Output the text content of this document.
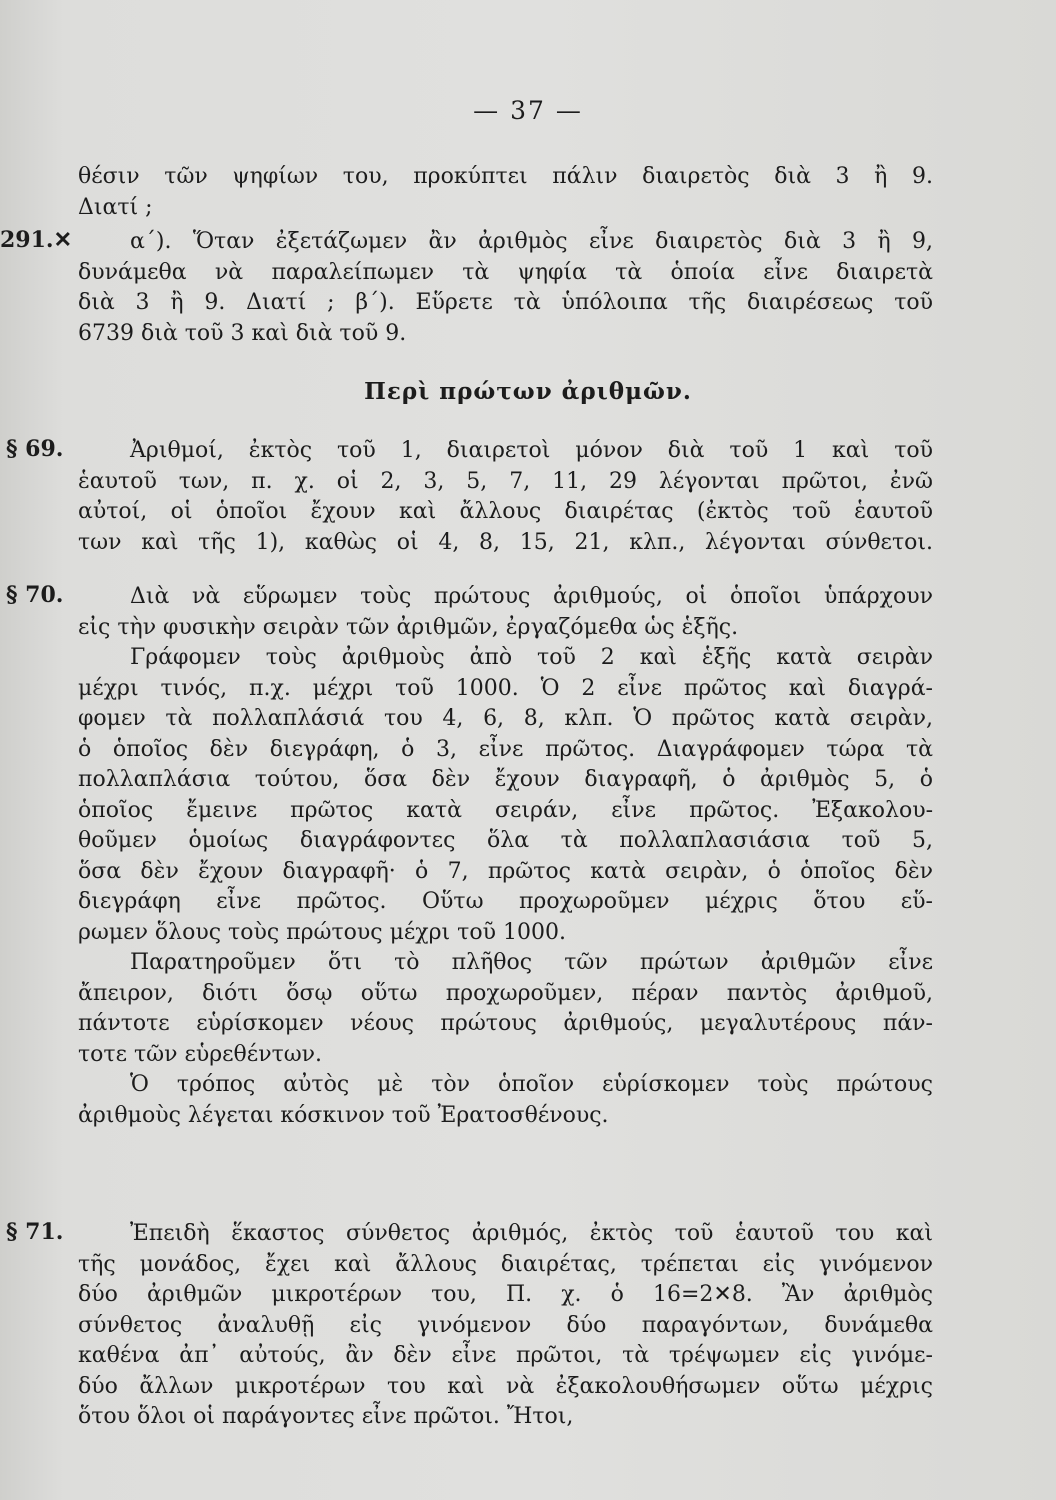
— 37 —
θέσιν τῶν ψηφίων του, προκύπτει πάλιν διαιρετὸς διὰ 3 ἢ 9.
Διατί ;
291.✕	α΄). Ὅταν ἐξετάζωμεν ἂν ἀριθμὸς εἶνε διαιρετὸς διὰ 3 ἢ 9,
δυνάμεθα νὰ παραλείπωμεν τὰ ψηφία τὰ ὁποία εἶνε διαιρετὰ
διὰ 3 ἢ 9. Διατί ; β΄). Εὕρετε τὰ ὑπόλοιπα τῆς διαιρέσεως τοῦ
6739 διὰ τοῦ 3 καὶ διὰ τοῦ 9.
Περὶ πρώτων ἀριθμῶν.
§ 69.	Ἀριθμοί, ἐκτὸς τοῦ 1, διαιρετοὶ μόνον διὰ τοῦ 1 καὶ τοῦ
ἑαυτοῦ των, π. χ. οἱ 2, 3, 5, 7, 11, 29 λέγονται πρῶτοι, ἐνῶ
αὐτοί, οἱ ὁποῖοι ἔχουν καὶ ἄλλους διαιρέτας (ἐκτὸς τοῦ ἑαυτοῦ
των καὶ τῆς 1), καθὼς οἱ 4, 8, 15, 21, κλπ., λέγονται σύνθετοι.
§ 70.	Διὰ νὰ εὕρωμεν τοὺς πρώτους ἀριθμούς, οἱ ὁποῖοι ὑπάρχουν
εἰς τὴν φυσικὴν σειρὰν τῶν ἀριθμῶν, ἐργαζόμεθα ὡς ἑξῆς.
Γράφομεν τοὺς ἀριθμοὺς ἀπὸ τοῦ 2 καὶ ἑξῆς κατὰ σειρὰν
μέχρι τινός, π.χ. μέχρι τοῦ 1000. Ὁ 2 εἶνε πρῶτος καὶ διαγρά-
φομεν τὰ πολλαπλάσιά του 4, 6, 8, κλπ. Ὁ πρῶτος κατὰ σειρὰν,
ὁ ὁποῖος δὲν διεγράφη, ὁ 3, εἶνε πρῶτος. Διαγράφομεν τώρα τὰ
πολλαπλάσια τούτου, ὅσα δὲν ἔχουν διαγραφῆ, ὁ ἀριθμὸς 5, ὁ
ὁποῖος ἔμεινε πρῶτος κατὰ σειράν, εἶνε πρῶτος. Ἐξακολου-
θοῦμεν ὁμοίως διαγράφοντες ὅλα τὰ πολλαπλασιάσια τοῦ 5,
ὅσα δὲν ἔχουν διαγραφῆ· ὁ 7, πρῶτος κατὰ σειρὰν, ὁ ὁποῖος δὲν
διεγράφη εἶνε πρῶτος. Οὕτω προχωροῦμεν μέχρις ὅτου εὕ-
ρωμεν ὅλους τοὺς πρώτους μέχρι τοῦ 1000.
Παρατηροῦμεν ὅτι τὸ πλῆθος τῶν πρώτων ἀριθμῶν εἶνε
ἄπειρον, διότι ὅσῳ οὕτω προχωροῦμεν, πέραν παντὸς ἀριθμοῦ,
πάντοτε εὑρίσκομεν νέους πρώτους ἀριθμούς, μεγαλυτέρους πάν-
τοτε τῶν εὑρεθέντων.
Ὁ τρόπος αὐτὸς μὲ τὸν ὁποῖον εὑρίσκομεν τοὺς πρώτους
ἀριθμοὺς λέγεται κόσκινον τοῦ Ἐρατοσθένους.
§ 71.	Ἐπειδὴ ἕκαστος σύνθετος ἀριθμός, ἐκτὸς τοῦ ἑαυτοῦ του καὶ
τῆς μονάδος, ἔχει καὶ ἄλλους διαιρέτας, τρέπεται εἰς γινόμενον
δύο ἀριθμῶν μικροτέρων του, Π. χ. ὁ 16=2✕8. Ἂν ἀριθμὸς
σύνθετος ἀναλυθῇ εἰς γινόμενον δύο παραγόντων, δυνάμεθα
καθένα ἀπ᾽ αὐτούς, ἂν δὲν εἶνε πρῶτοι, τὰ τρέψωμεν εἰς γινόμε-
δύο ἄλλων μικροτέρων του καὶ νὰ ἐξακολουθήσωμεν οὕτω μέχρις
ὅτου ὅλοι οἱ παράγοντες εἶνε πρῶτοι. Ἤτοι,
